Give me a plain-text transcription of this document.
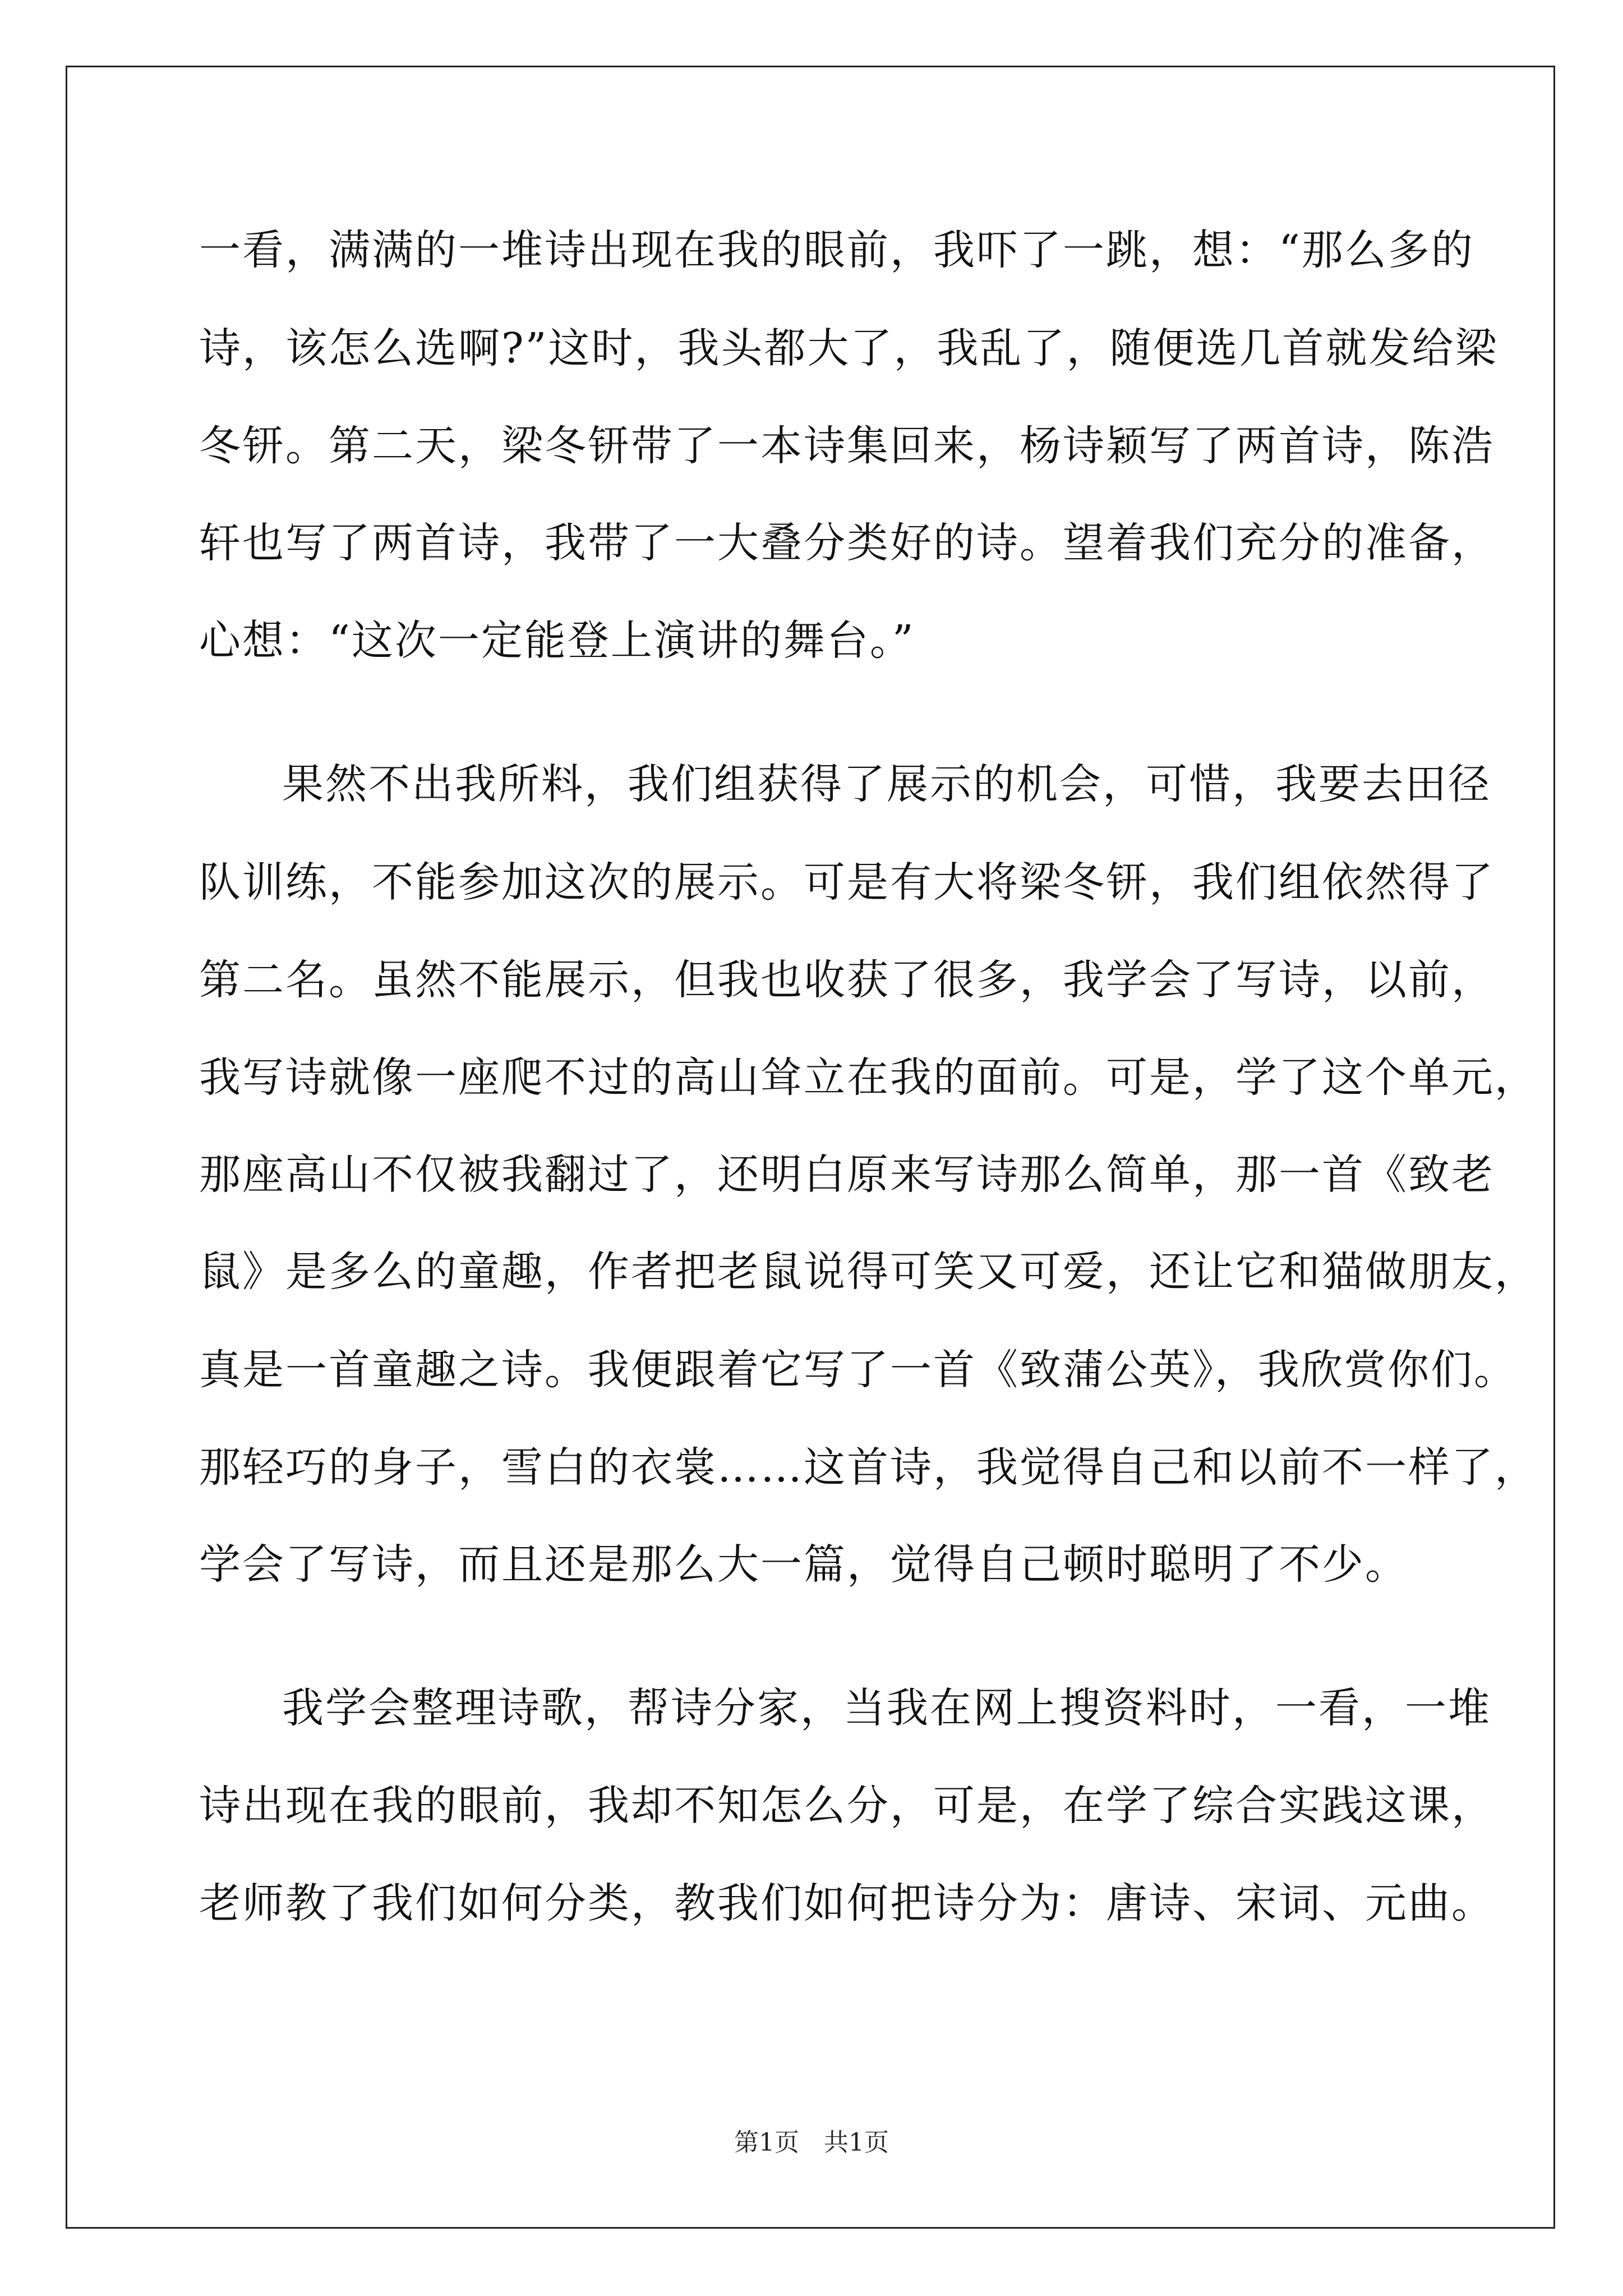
一看，满满的一堆诗出现在我的眼前，我吓了一跳，想：“那么多的
诗，该怎么选啊?”这时，我头都大了，我乱了，随便选几首就发给梁
冬钘。第二天，梁冬钘带了一本诗集回来，杨诗颖写了两首诗，陈浩
轩也写了两首诗，我带了一大叠分类好的诗。望着我们充分的准备，
心想：“这次一定能登上演讲的舞台。”
果然不出我所料，我们组获得了展示的机会，可惜，我要去田径
队训练，不能参加这次的展示。可是有大将梁冬钘，我们组依然得了
第二名。虽然不能展示，但我也收获了很多，我学会了写诗，以前，
我写诗就像一座爬不过的高山耸立在我的面前。可是，学了这个单元，
那座高山不仅被我翻过了，还明白原来写诗那么简单，那一首《致老
鼠》是多么的童趣，作者把老鼠说得可笑又可爱，还让它和猫做朋友，
真是一首童趣之诗。我便跟着它写了一首《致蒲公英》，我欣赏你们。
那轻巧的身子，雪白的衣裳……这首诗，我觉得自己和以前不一样了，
学会了写诗，而且还是那么大一篇，觉得自己顿时聪明了不少。
我学会整理诗歌，帮诗分家，当我在网上搜资料时，一看，一堆
诗出现在我的眼前，我却不知怎么分，可是，在学了综合实践这课，
老师教了我们如何分类，教我们如何把诗分为：唐诗、宋词、元曲。
第1页　共1页
